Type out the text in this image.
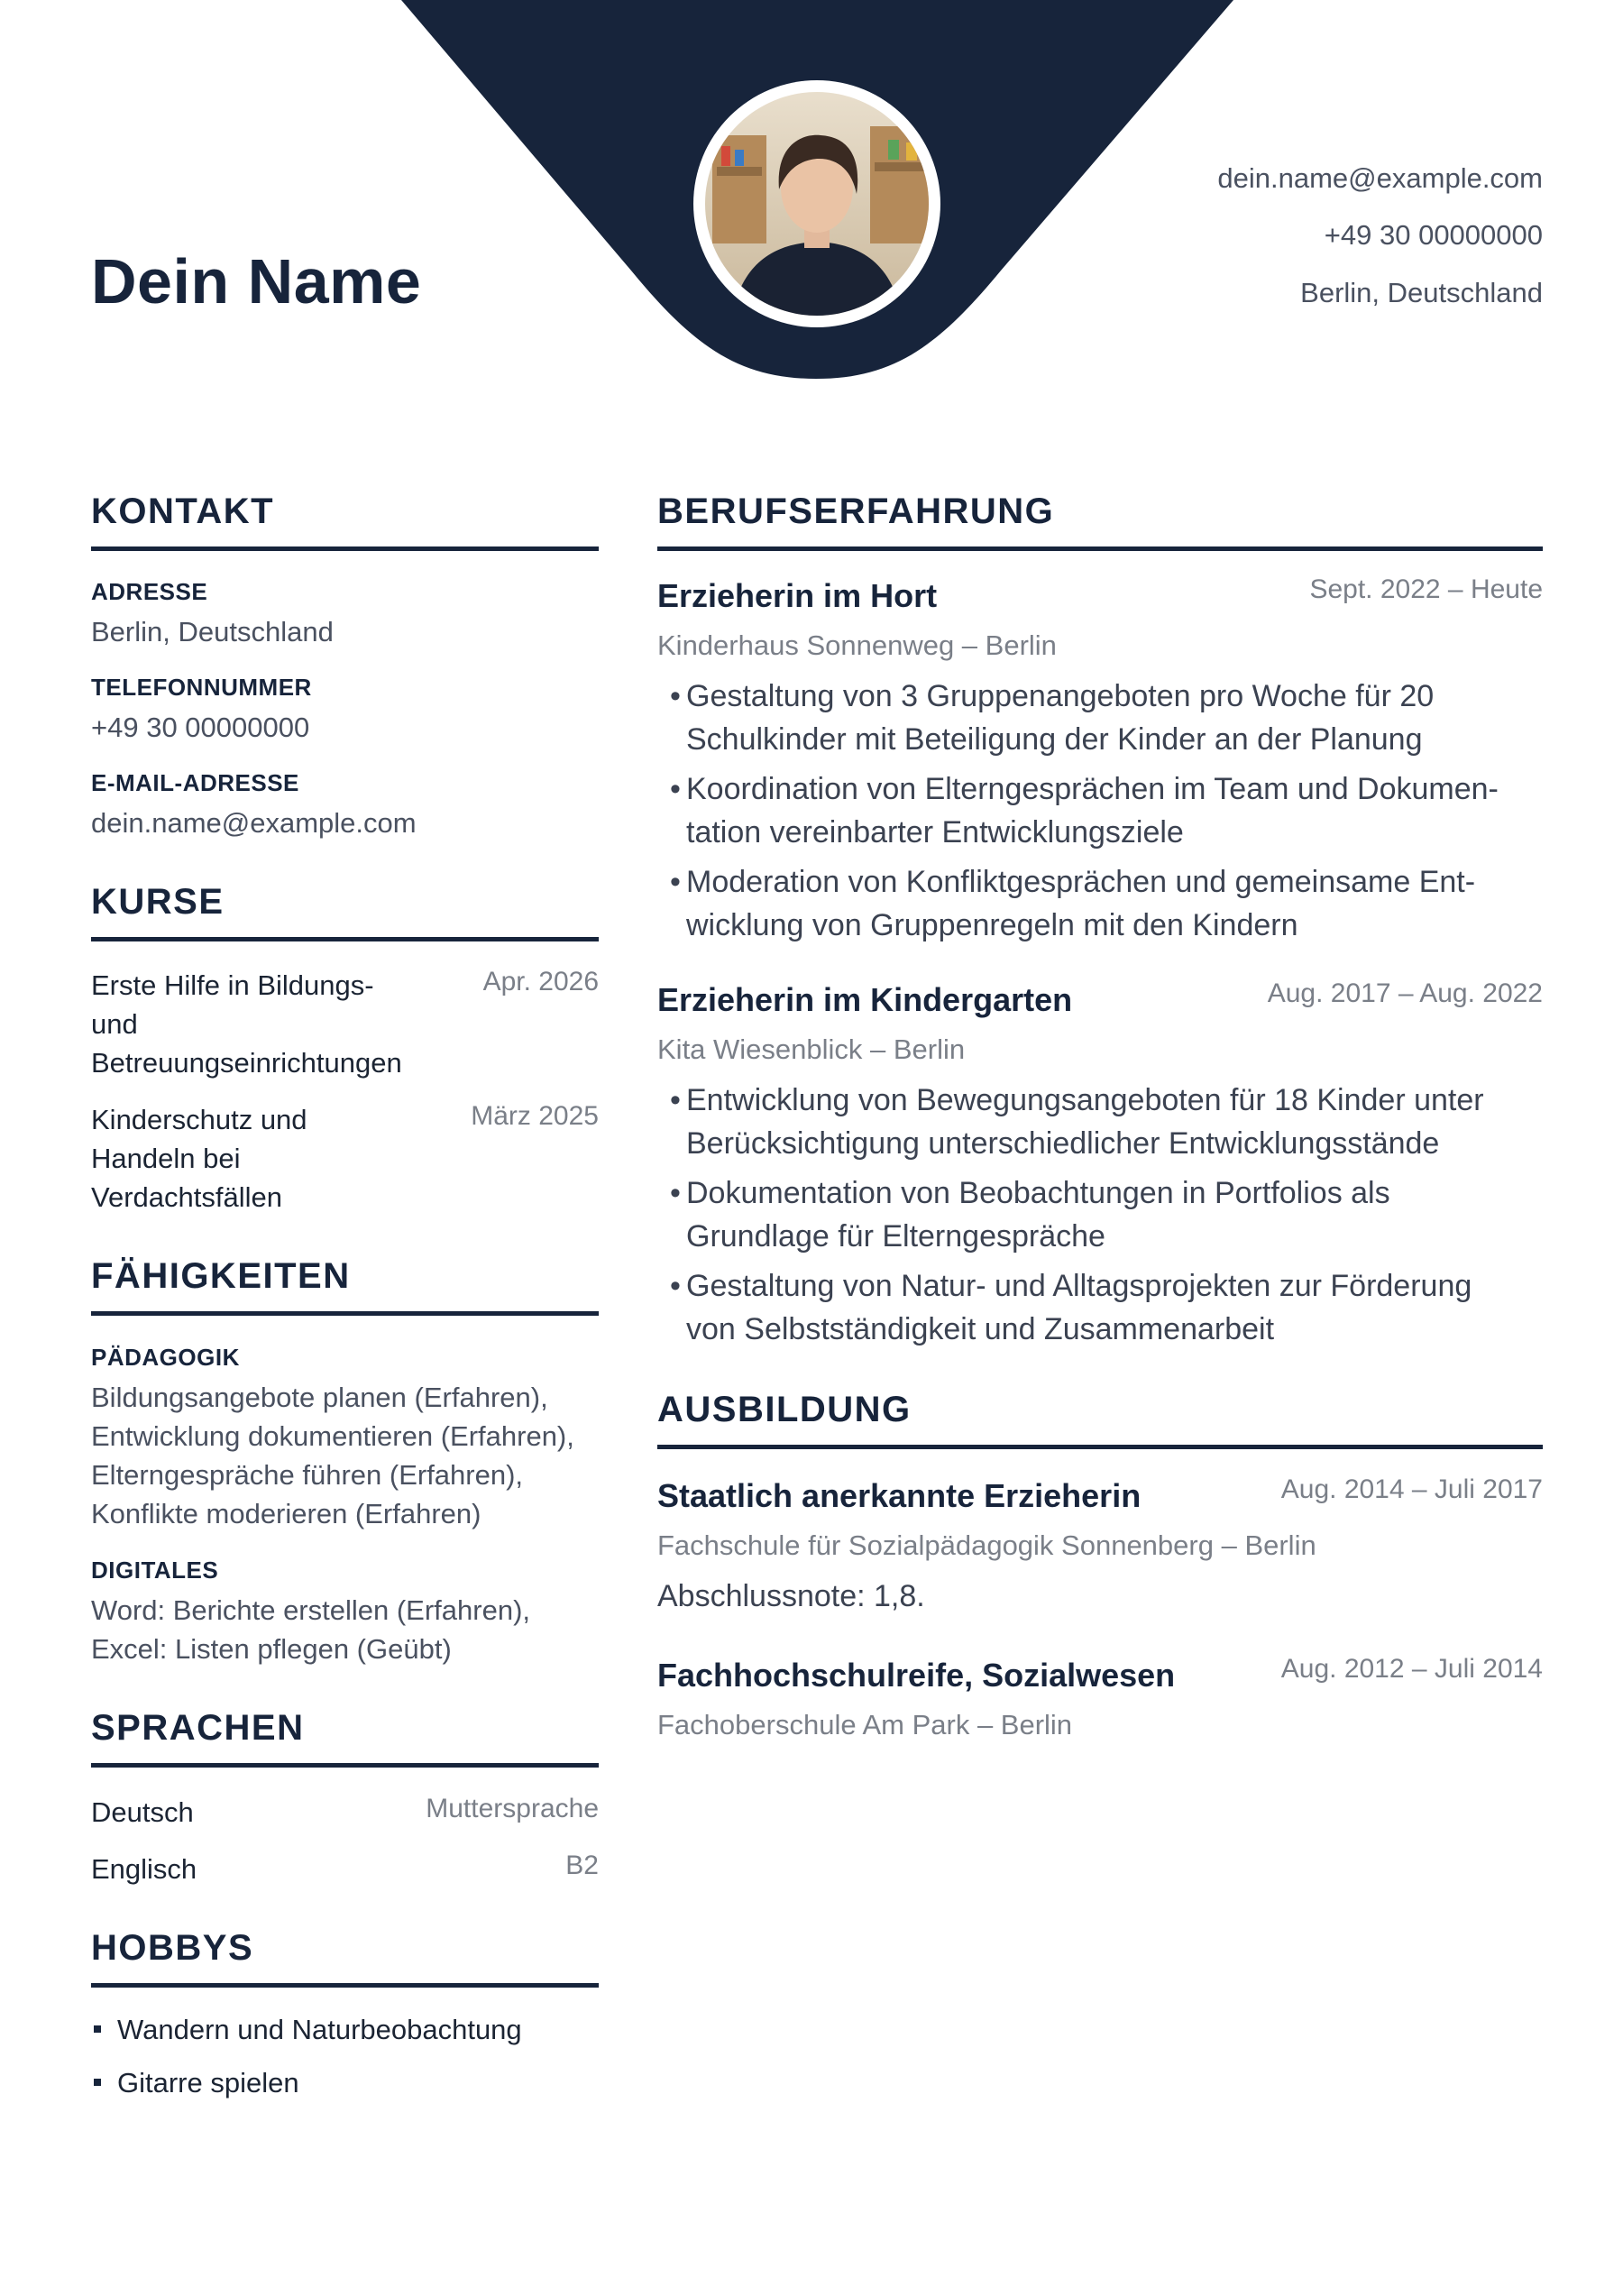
Dein Name
dein.name@example.com
+49 30 00000000
Berlin, Deutschland
KONTAKT
ADRESSE
Berlin, Deutschland
TELEFONNUMMER
+49 30 00000000
E-MAIL-ADRESSE
dein.name@example.com
KURSE
Erste Hilfe in Bildungs-
und
Betreuungseinrichtungen
Apr. 2026
Kinderschutz und
Handeln bei
Verdachtsfällen
März 2025
FÄHIGKEITEN
PÄDAGOGIK
Bildungsangebote planen (Erfahren),
Entwicklung dokumentieren (Erfahren),
Elterngespräche führen (Erfahren),
Konflikte moderieren (Erfahren)
DIGITALES
Word: Berichte erstellen (Erfahren),
Excel: Listen pflegen (Geübt)
SPRACHEN
Deutsch	Muttersprache
Englisch	B2
HOBBYS
Wandern und Naturbeobachtung
Gitarre spielen
BERUFSERFAHRUNG
Erzieherin im Hort	Sept. 2022 – Heute
Kinderhaus Sonnenweg – Berlin
• Gestaltung von 3 Gruppenangeboten pro Woche für 20
Schulkinder mit Beteiligung der Kinder an der Planung
• Koordination von Elterngesprächen im Team und Dokumen-
tation vereinbarter Entwicklungsziele
• Moderation von Konfliktgesprächen und gemeinsame Ent-
wicklung von Gruppenregeln mit den Kindern
Erzieherin im Kindergarten	Aug. 2017 – Aug. 2022
Kita Wiesenblick – Berlin
• Entwicklung von Bewegungsangeboten für 18 Kinder unter
Berücksichtigung unterschiedlicher Entwicklungsstände
• Dokumentation von Beobachtungen in Portfolios als
Grundlage für Elterngespräche
• Gestaltung von Natur- und Alltagsprojekten zur Förderung
von Selbstständigkeit und Zusammenarbeit
AUSBILDUNG
Staatlich anerkannte Erzieherin	Aug. 2014 – Juli 2017
Fachschule für Sozialpädagogik Sonnenberg – Berlin
Abschlussnote: 1,8.
Fachhochschulreife, Sozialwesen	Aug. 2012 – Juli 2014
Fachoberschule Am Park – Berlin
